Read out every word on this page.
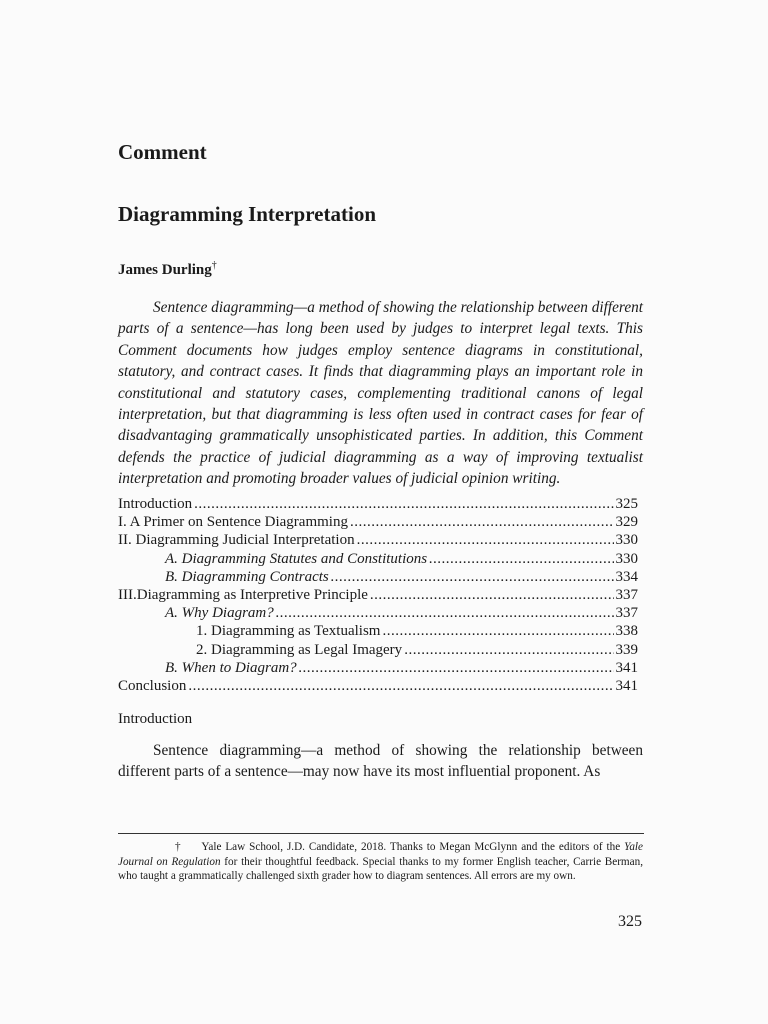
Comment
Diagramming Interpretation

James Durling†

Sentence diagramming—a method of showing the relationship between different parts of a sentence—has long been used by judges to interpret legal texts. This Comment documents how judges employ sentence diagrams in constitutional, statutory, and contract cases. It finds that diagramming plays an important role in constitutional and statutory cases, complementing traditional canons of legal interpretation, but that diagramming is less often used in contract cases for fear of disadvantaging grammatically unsophisticated parties. In addition, this Comment defends the practice of judicial diagramming as a way of improving textualist interpretation and promoting broader values of judicial opinion writing.

Introduction .....	325
I. A Primer on Sentence Diagramming .....	329
II. Diagramming Judicial Interpretation .....	330
A. Diagramming Statutes and Constitutions .....	330
B. Diagramming Contracts .....	334
III.Diagramming as Interpretive Principle .....	337
A. Why Diagram? .....	337
1. Diagramming as Textualism .....	338
2. Diagramming as Legal Imagery .....	339
B. When to Diagram? .....	341
Conclusion .....	341

Introduction

Sentence diagramming—a method of showing the relationship between different parts of a sentence—may now have its most influential proponent. As

† Yale Law School, J.D. Candidate, 2018. Thanks to Megan McGlynn and the editors of the Yale Journal on Regulation for their thoughtful feedback. Special thanks to my former English teacher, Carrie Berman, who taught a grammatically challenged sixth grader how to diagram sentences. All errors are my own.

325
